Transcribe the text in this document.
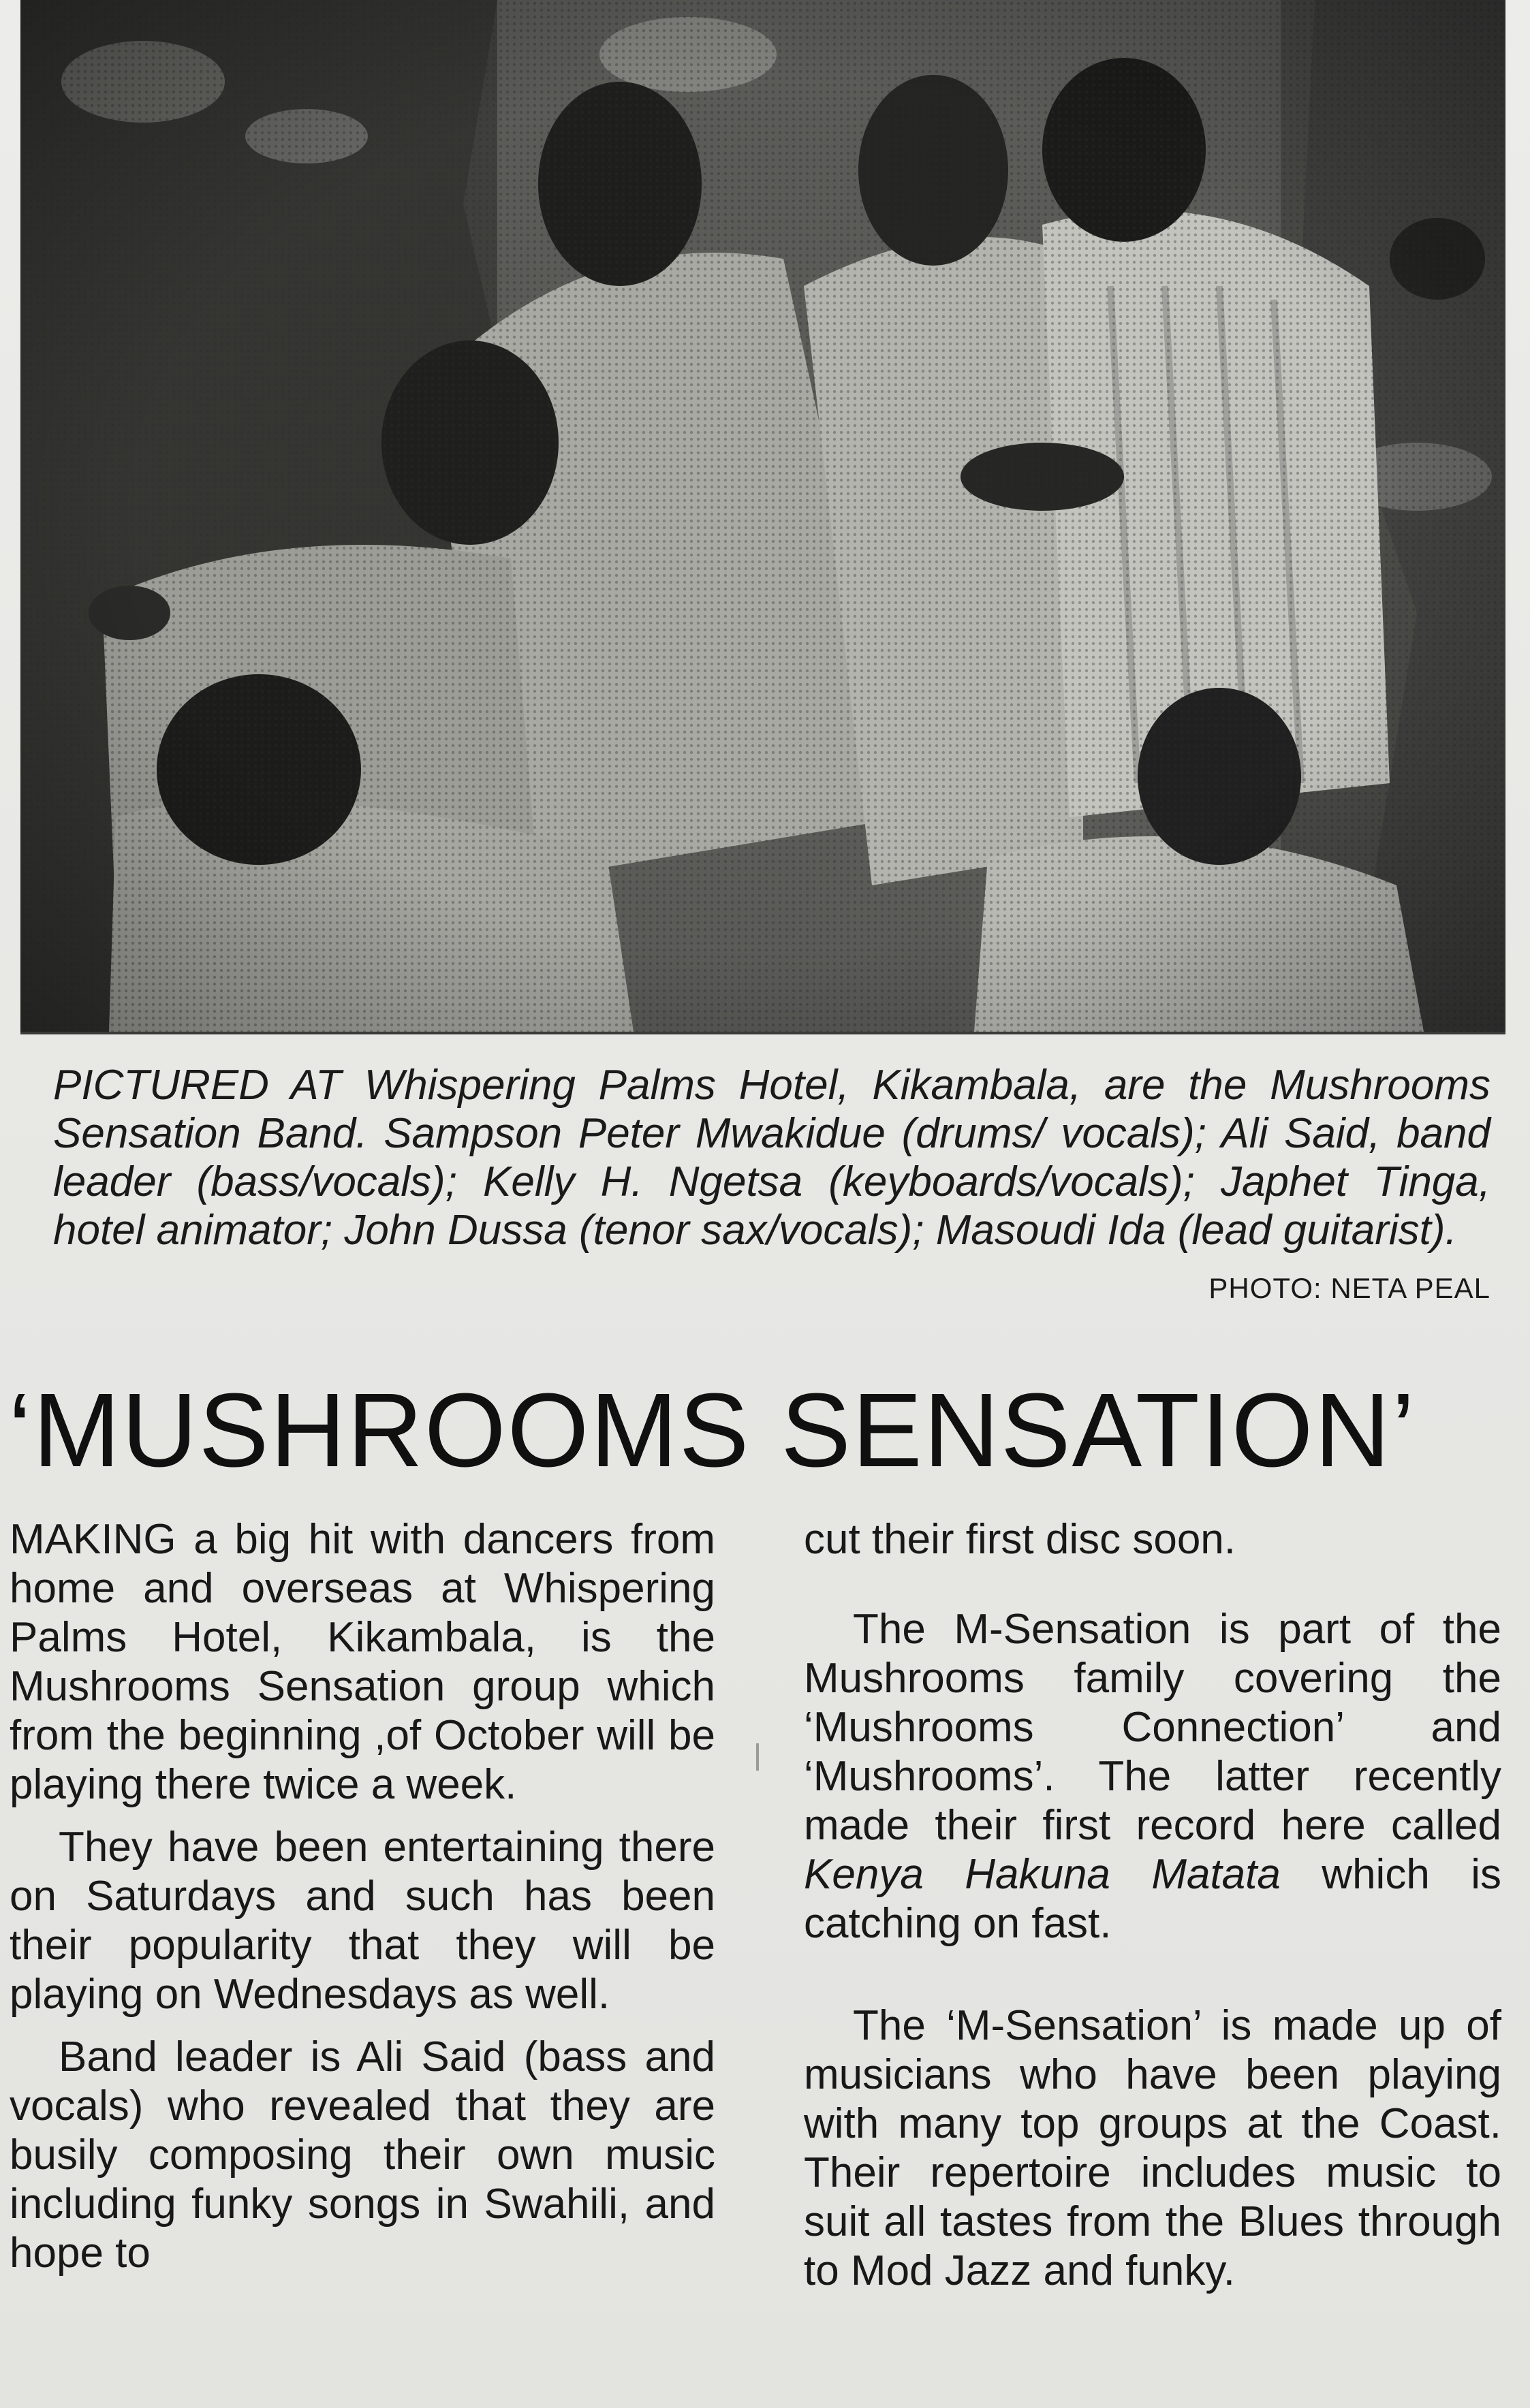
PICTURED AT Whispering Palms Hotel, Kikambala, are the Mushrooms Sensation Band. Sampson Peter Mwakidue (drums/ vocals); Ali Said, band leader (bass/vocals); Kelly H. Ngetsa (keyboards/vocals); Japhet Tinga, hotel animator; John Dussa (tenor sax/vocals); Masoudi Ida (lead guitarist).
PHOTO: NETA PEAL
‘MUSHROOMS SENSATION’

MAKING a big hit with dancers from home and overseas at Whispering Palms Hotel, Kikambala, is the Mushrooms Sensation group which from the beginning ,of October will be playing there twice a week.

They have been entertaining there on Saturdays and such has been their popularity that they will be playing on Wednesdays as well.

Band leader is Ali Said (bass and vocals) who revealed that they are busily composing their own music including funky songs in Swahili, and hope to

cut their first disc soon.

The M-Sensation is part of the Mushrooms family covering the ‘Mushrooms Connection’ and ‘Mushrooms’. The latter recently made their first record here called Kenya Hakuna Matata which is catching on fast.

The ‘M-Sensation’ is made up of musicians who have been playing with many top groups at the Coast. Their repertoire includes music to suit all tastes from the Blues through to Mod Jazz and funky.
